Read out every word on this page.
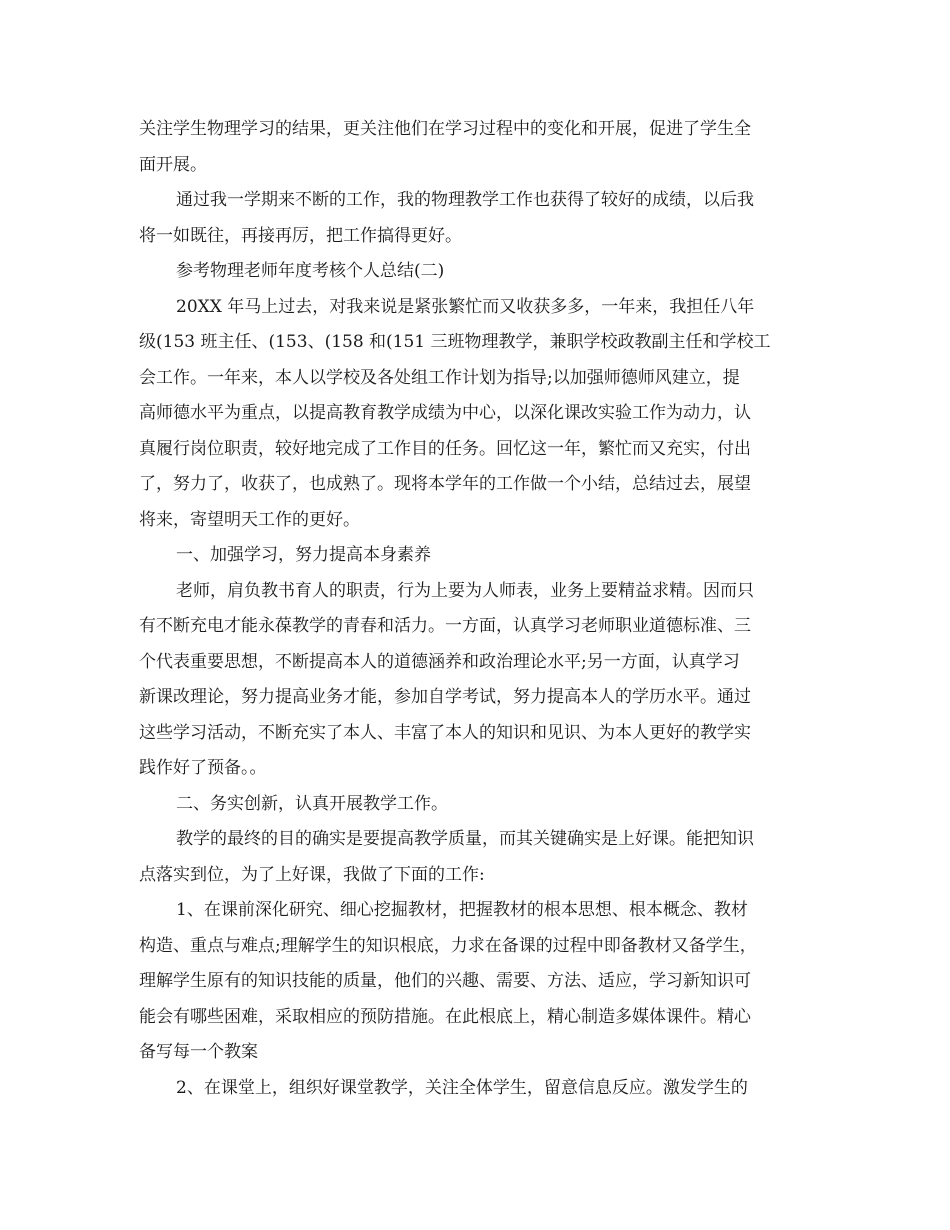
关注学生物理学习的结果，更关注他们在学习过程中的变化和开展，促进了学生全

面开展。

通过我一学期来不断的工作，我的物理教学工作也获得了较好的成绩，以后我

将一如既往，再接再厉，把工作搞得更好。

参考物理老师年度考核个人总结(二)

20XX 年马上过去，对我来说是紧张繁忙而又收获多多，一年来，我担任八年

级(153 班主任、(153、(158 和(151 三班物理教学，兼职学校政教副主任和学校工

会工作。一年来，本人以学校及各处组工作计划为指导;以加强师德师风建立，提

高师德水平为重点，以提高教育教学成绩为中心，以深化课改实验工作为动力，认

真履行岗位职责，较好地完成了工作目的任务。回忆这一年，繁忙而又充实，付出

了，努力了，收获了，也成熟了。现将本学年的工作做一个小结，总结过去，展望

将来，寄望明天工作的更好。

一、加强学习，努力提高本身素养

老师，肩负教书育人的职责，行为上要为人师表，业务上要精益求精。因而只

有不断充电才能永葆教学的青春和活力。一方面，认真学习老师职业道德标准、三

个代表重要思想，不断提高本人的道德涵养和政治理论水平;另一方面，认真学习

新课改理论，努力提高业务才能，参加自学考试，努力提高本人的学历水平。通过

这些学习活动，不断充实了本人、丰富了本人的知识和见识、为本人更好的教学实

践作好了预备。。

二、务实创新，认真开展教学工作。

教学的最终的目的确实是要提高教学质量，而其关键确实是上好课。能把知识

点落实到位，为了上好课，我做了下面的工作:

1、在课前深化研究、细心挖掘教材，把握教材的根本思想、根本概念、教材

构造、重点与难点;理解学生的知识根底，力求在备课的过程中即备教材又备学生，

理解学生原有的知识技能的质量，他们的兴趣、需要、方法、适应，学习新知识可

能会有哪些困难，采取相应的预防措施。在此根底上，精心制造多媒体课件。精心

备写每一个教案

2、在课堂上，组织好课堂教学，关注全体学生，留意信息反应。激发学生的
